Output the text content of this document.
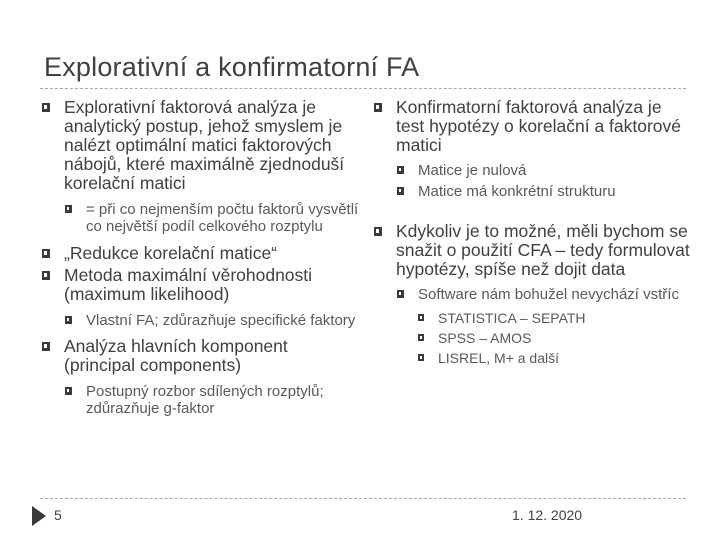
Explorativní a konfirmatorní FA
Explorativní faktorová analýza je analytický postup, jehož smyslem je nalézt optimální matici faktorových nábojů, které maximálně zjednoduší korelační matici
= při co nejmenším počtu faktorů vysvětlí co největší podíl celkového rozptylu
„Redukce korelační matice“
Metoda maximální věrohodnosti (maximum likelihood)
Vlastní FA; zdůrazňuje specifické faktory
Analýza hlavních komponent (principal components)
Postupný rozbor sdílených rozptylů; zdůrazňuje g-faktor
Konfirmatorní faktorová analýza je test hypotézy o korelační a faktorové matici
Matice je nulová
Matice má konkrétní strukturu
Kdykoliv je to možné, měli bychom se snažit o použití CFA – tedy formulovat hypotézy, spíše než dojit data
Software nám bohužel nevychází vstříc
STATISTICA – SEPATH
SPSS – AMOS
LISREL, M+ a další
5	1. 12. 2020
